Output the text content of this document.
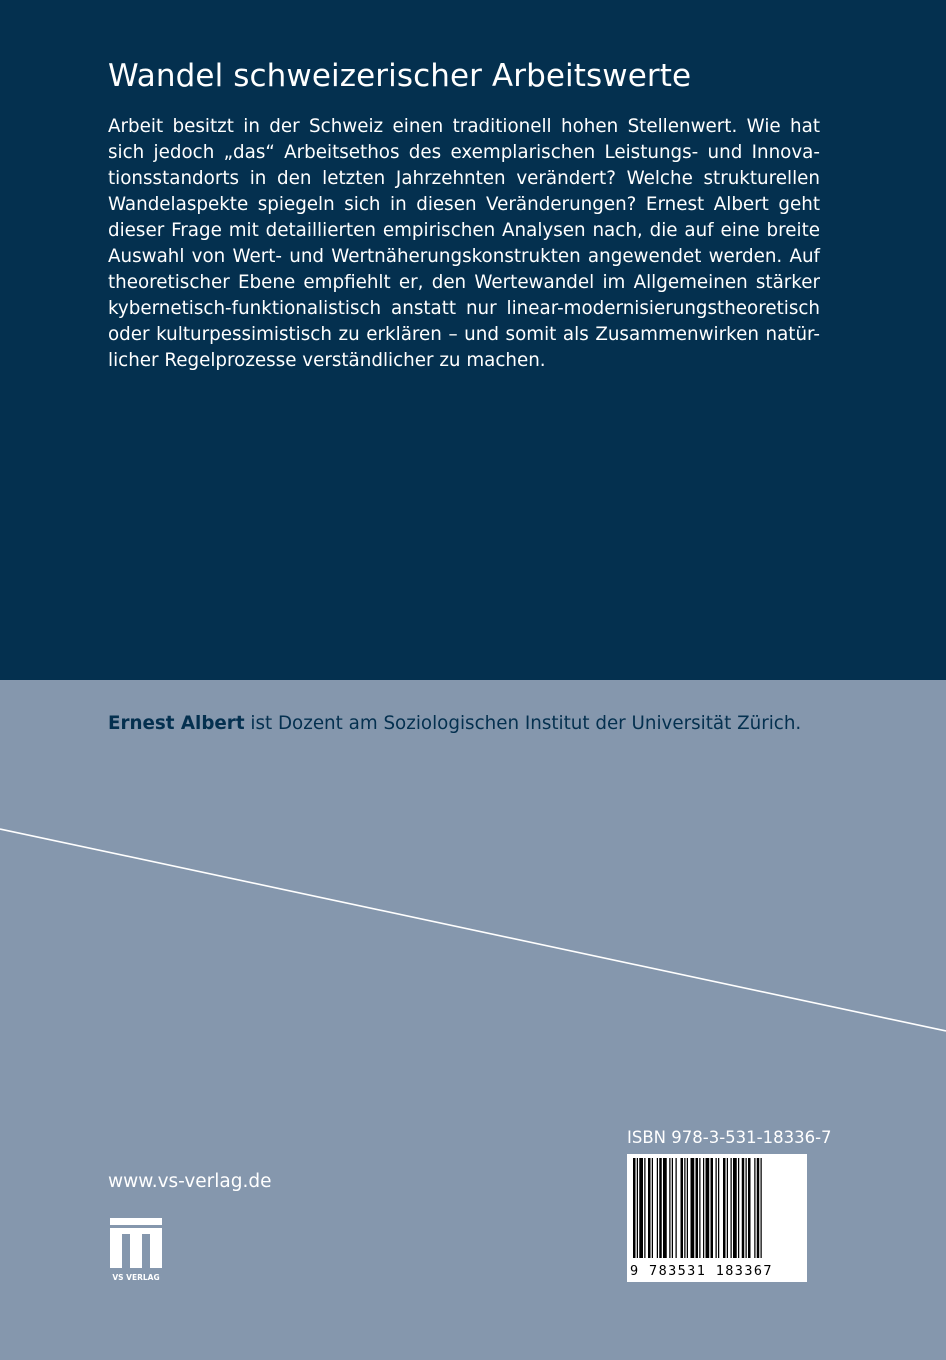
Wandel schweizerischer Arbeitswerte
Arbeit besitzt in der Schweiz einen traditionell hohen Stellenwert. Wie hat
sich jedoch „das“ Arbeitsethos des exemplarischen Leistungs- und Innova-
tionsstandorts in den letzten Jahrzehnten verändert? Welche strukturellen
Wandelaspekte spiegeln sich in diesen Veränderungen? Ernest Albert geht
dieser Frage mit detaillierten empirischen Analysen nach, die auf eine breite
Auswahl von Wert- und Wertnäherungskonstrukten angewendet werden. Auf
theoretischer Ebene empfiehlt er, den Wertewandel im Allgemeinen stärker
kybernetisch-funktionalistisch anstatt nur linear-modernisierungstheoretisch
oder kulturpessimistisch zu erklären – und somit als Zusammenwirken natür-
licher Regelprozesse verständlicher zu machen.

Ernest Albert ist Dozent am Soziologischen Institut der Universität Zürich.

www.vs-verlag.de

VS VERLAG

ISBN 978-3-531-18336-7

9 783531 183367
